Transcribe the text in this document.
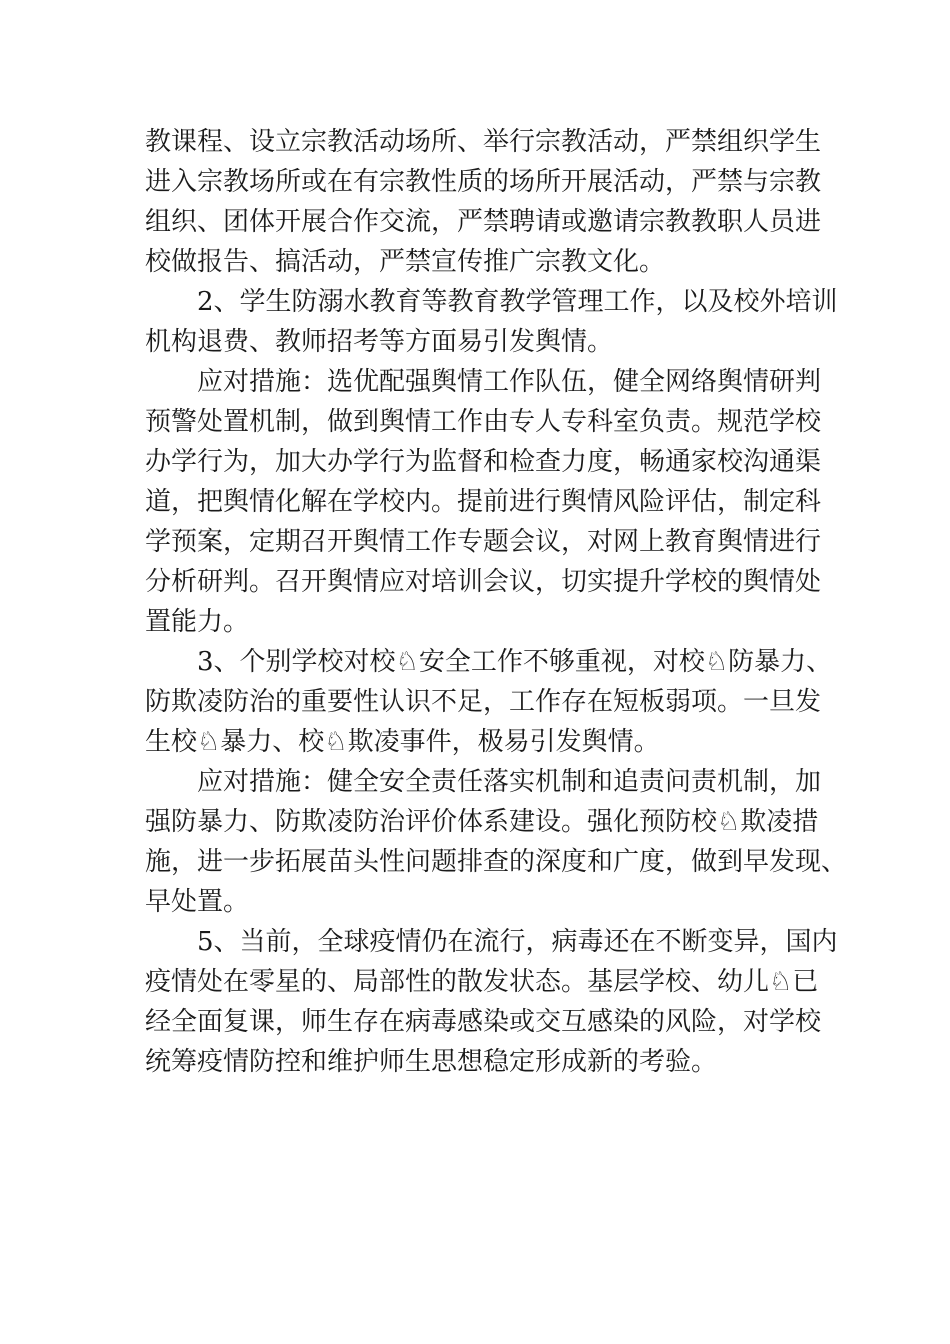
教课程、设立宗教活动场所、举行宗教活动，严禁组织学生
进入宗教场所或在有宗教性质的场所开展活动，严禁与宗教
组织、团体开展合作交流，严禁聘请或邀请宗教教职人员进
校做报告、搞活动，严禁宣传推广宗教文化。
2、学生防溺水教育等教育教学管理工作，以及校外培训
机构退费、教师招考等方面易引发舆情。
应对措施：选优配强舆情工作队伍，健全网络舆情研判
预警处置机制，做到舆情工作由专人专科室负责。规范学校
办学行为，加大办学行为监督和检查力度，畅通家校沟通渠
道，把舆情化解在学校内。提前进行舆情风险评估，制定科
学预案，定期召开舆情工作专题会议，对网上教育舆情进行
分析研判。召开舆情应对培训会议，切实提升学校的舆情处
置能力。
3、个别学校对校♘安全工作不够重视，对校♘防暴力、
防欺凌防治的重要性认识不足，工作存在短板弱项。一旦发
生校♘暴力、校♘欺凌事件，极易引发舆情。
应对措施：健全安全责任落实机制和追责问责机制，加
强防暴力、防欺凌防治评价体系建设。强化预防校♘欺凌措
施，进一步拓展苗头性问题排查的深度和广度，做到早发现、
早处置。
5、当前，全球疫情仍在流行，病毒还在不断变异，国内
疫情处在零星的、局部性的散发状态。基层学校、幼儿♘已
经全面复课，师生存在病毒感染或交互感染的风险，对学校
统筹疫情防控和维护师生思想稳定形成新的考验。
